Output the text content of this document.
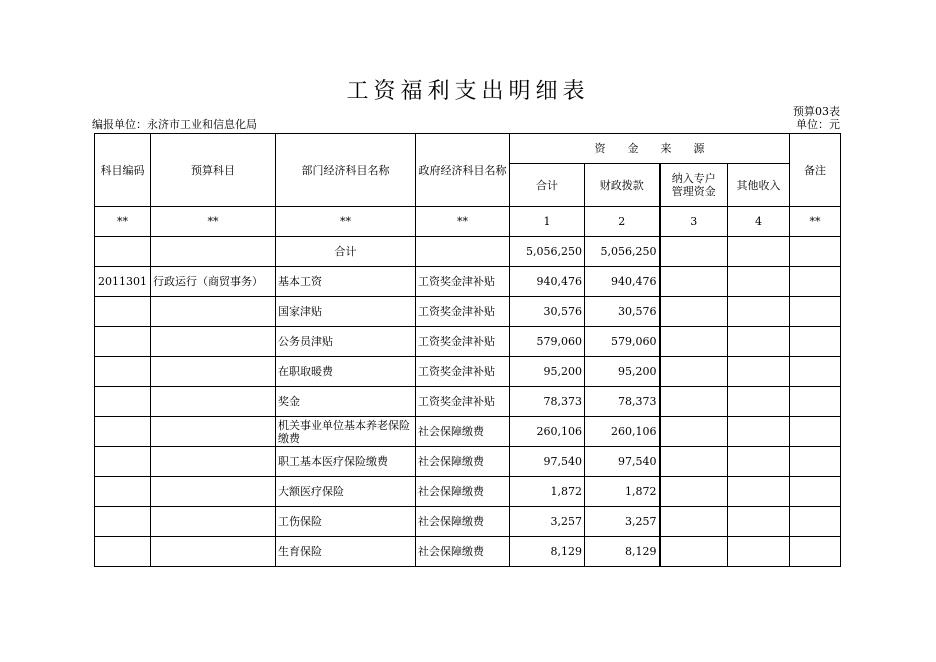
工资福利支出明细表
预算03表
单位：元
编报单位：永济市工业和信息化局
科目编码	预算科目	部门经济科目名称	政府经济科目名称	资金来源				备注
				合计	财政拨款	纳入专户管理资金	其他收入	
**	**	**	**	1	2	3	4	**
		合计		5,056,250	5,056,250			
2011301	行政运行（商贸事务）	基本工资	工资奖金津补贴	940,476	940,476			
		国家津贴	工资奖金津补贴	30,576	30,576			
		公务员津贴	工资奖金津补贴	579,060	579,060			
		在职取暖费	工资奖金津补贴	95,200	95,200			
		奖金	工资奖金津补贴	78,373	78,373			
		机关事业单位基本养老保险缴费	社会保障缴费	260,106	260,106			
		职工基本医疗保险缴费	社会保障缴费	97,540	97,540			
		大额医疗保险	社会保障缴费	1,872	1,872			
		工伤保险	社会保障缴费	3,257	3,257			
		生育保险	社会保障缴费	8,129	8,129			
